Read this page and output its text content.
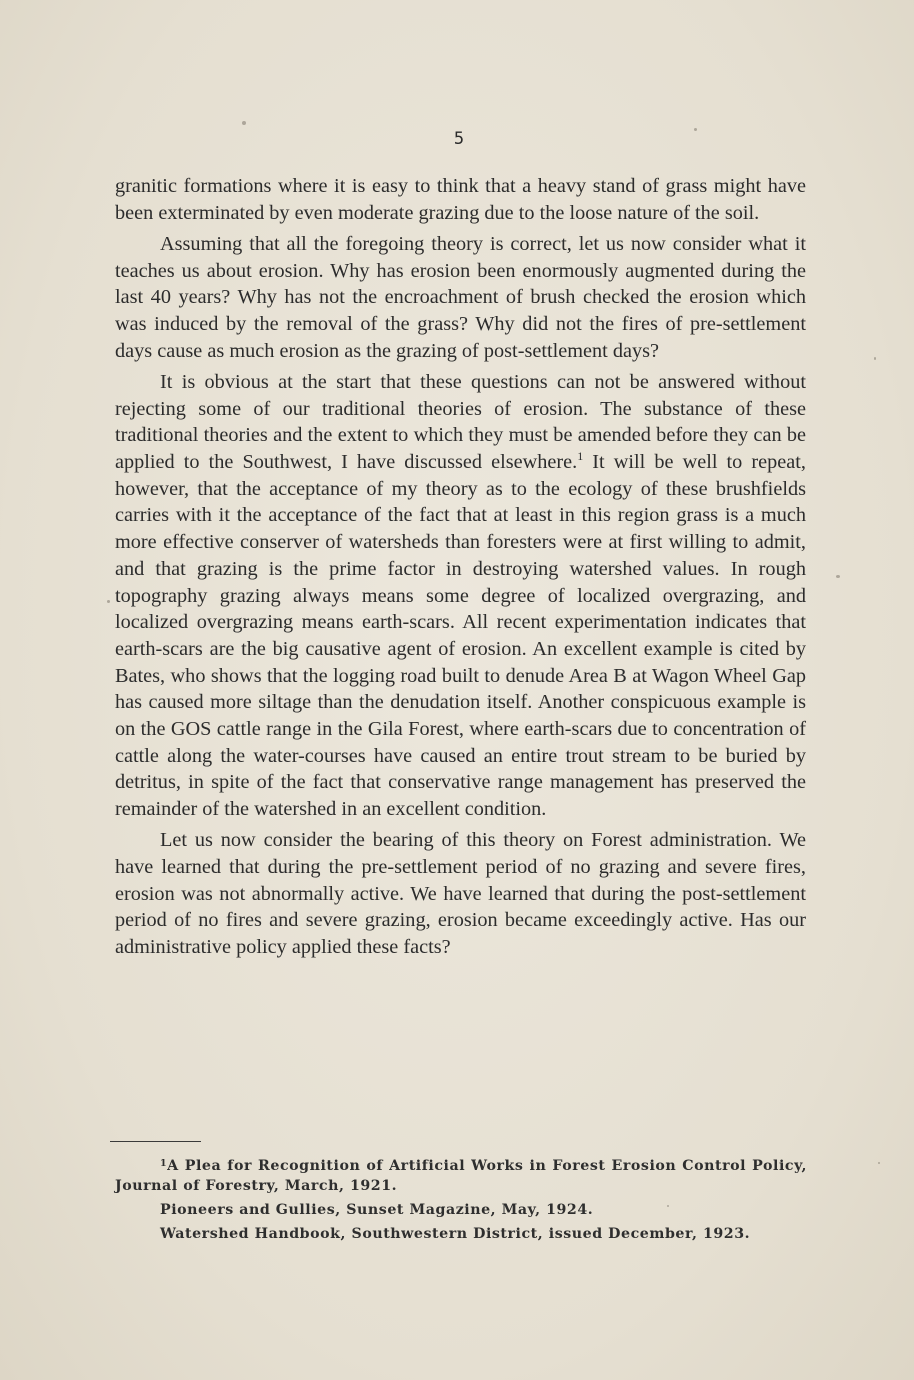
5

granitic formations where it is easy to think that a heavy stand of grass might have been exterminated by even moderate grazing due to the loose nature of the soil.

Assuming that all the foregoing theory is correct, let us now consider what it teaches us about erosion. Why has erosion been enormously augmented during the last 40 years? Why has not the encroachment of brush checked the erosion which was induced by the removal of the grass? Why did not the fires of pre-settlement days cause as much erosion as the grazing of post-settlement days?

It is obvious at the start that these questions can not be answered without rejecting some of our traditional theories of erosion. The substance of these traditional theories and the extent to which they must be amended before they can be applied to the Southwest, I have discussed elsewhere.$^1$ It will be well to repeat, however, that the acceptance of my theory as to the ecology of these brushfields carries with it the acceptance of the fact that at least in this region grass is a much more effective conserver of watersheds than foresters were at first willing to admit, and that grazing is the prime factor in destroying watershed values. In rough topography grazing always means some degree of localized overgrazing, and localized overgrazing means earth-scars. All recent experimentation indicates that earth-scars are the big causative agent of erosion. An excellent example is cited by Bates, who shows that the logging road built to denude Area B at Wagon Wheel Gap has caused more siltage than the denudation itself. Another conspicuous example is on the GOS cattle range in the Gila Forest, where earth-scars due to concentration of cattle along the water-courses have caused an entire trout stream to be buried by detritus, in spite of the fact that conservative range management has preserved the remainder of the watershed in an excellent condition.

Let us now consider the bearing of this theory on Forest administration. We have learned that during the pre-settlement period of no grazing and severe fires, erosion was not abnormally active. We have learned that during the post-settlement period of no fires and severe grazing, erosion became exceedingly active. Has our administrative policy applied these facts?

$^1$A Plea for Recognition of Artificial Works in Forest Erosion Control Policy, Journal of Forestry, March, 1921.

Pioneers and Gullies, Sunset Magazine, May, 1924.

Watershed Handbook, Southwestern District, issued December, 1923.
